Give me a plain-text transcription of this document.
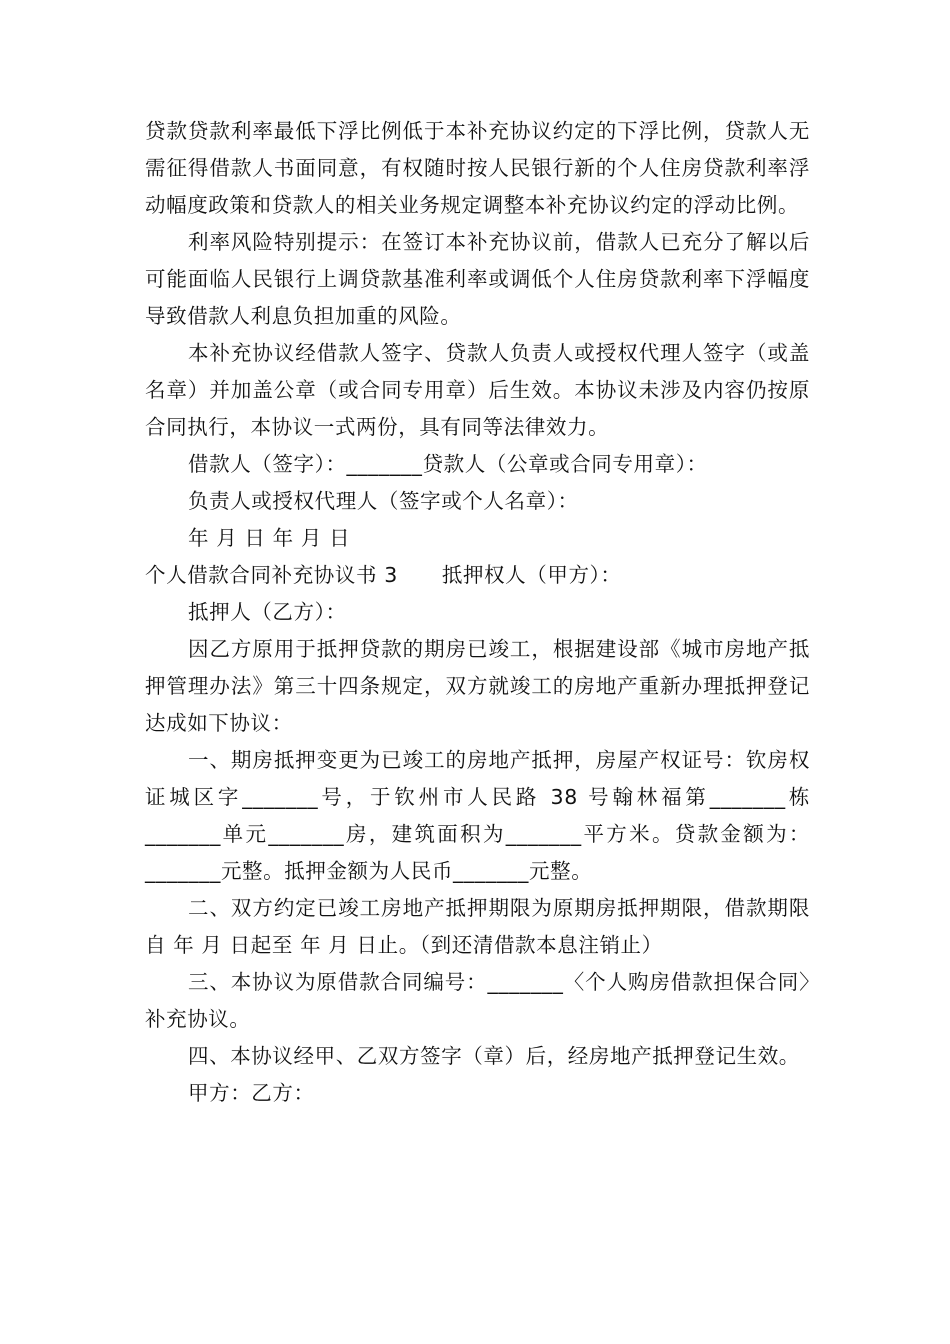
贷款贷款利率最低下浮比例低于本补充协议约定的下浮比例，贷款人无需征得借款人书面同意，有权随时按人民银行新的个人住房贷款利率浮动幅度政策和贷款人的相关业务规定调整本补充协议约定的浮动比例。

利率风险特别提示：在签订本补充协议前，借款人已充分了解以后可能面临人民银行上调贷款基准利率或调低个人住房贷款利率下浮幅度导致借款人利息负担加重的风险。

本补充协议经借款人签字、贷款人负责人或授权代理人签字（或盖名章）并加盖公章（或合同专用章）后生效。本协议未涉及内容仍按原合同执行，本协议一式两份，具有同等法律效力。

借款人（签字）：_______贷款人（公章或合同专用章）：

负责人或授权代理人（签字或个人名章）：

年 月 日 年 月 日

个人借款合同补充协议书 3 抵押权人（甲方）：

抵押人（乙方）：

因乙方原用于抵押贷款的期房已竣工，根据建设部《城市房地产抵押管理办法》第三十四条规定，双方就竣工的房地产重新办理抵押登记达成如下协议：

一、期房抵押变更为已竣工的房地产抵押，房屋产权证号：钦房权证城区字_______号，于钦州市人民路 38 号翰林福第_______栋_______单元_______房，建筑面积为_______平方米。贷款金额为：_______元整。抵押金额为人民币_______元整。

二、双方约定已竣工房地产抵押期限为原期房抵押期限，借款期限自 年 月 日起至 年 月 日止。（到还清借款本息注销止）

三、本协议为原借款合同编号：_______〈个人购房借款担保合同〉补充协议。

四、本协议经甲、乙双方签字（章）后，经房地产抵押登记生效。

甲方：乙方：
